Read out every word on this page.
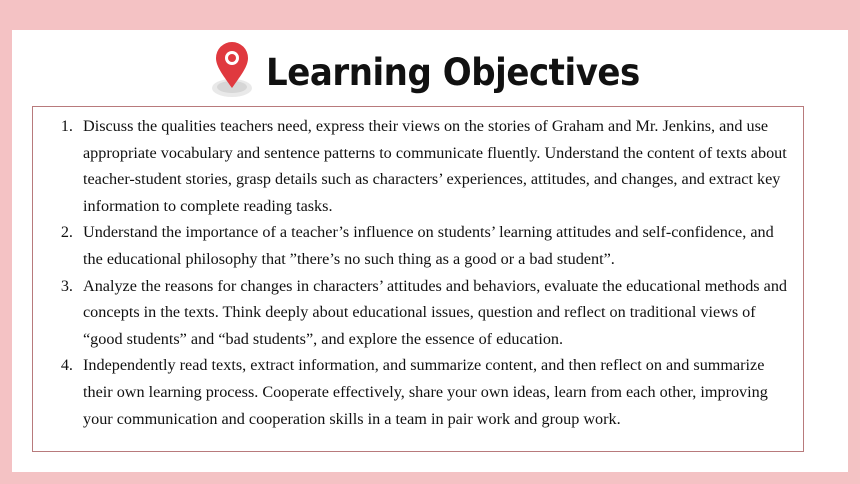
Learning Objectives
1. Discuss the qualities teachers need, express their views on the stories of Graham and Mr. Jenkins, and use appropriate vocabulary and sentence patterns to communicate fluently. Understand the content of texts about teacher-student stories, grasp details such as characters’ experiences, attitudes, and changes, and extract key information to complete reading tasks.
2. Understand the importance of a teacher’s influence on students’ learning attitudes and self-confidence, and the educational philosophy that ”there’s no such thing as a good or a bad student”.
3. Analyze the reasons for changes in characters’ attitudes and behaviors, evaluate the educational methods and concepts in the texts. Think deeply about educational issues, question and reflect on traditional views of “good students” and “bad students”, and explore the essence of education.
4. Independently read texts, extract information, and summarize content, and then reflect on and summarize their own learning process. Cooperate effectively, share your own ideas, learn from each other, improving your communication and cooperation skills in a team in pair work and group work.
